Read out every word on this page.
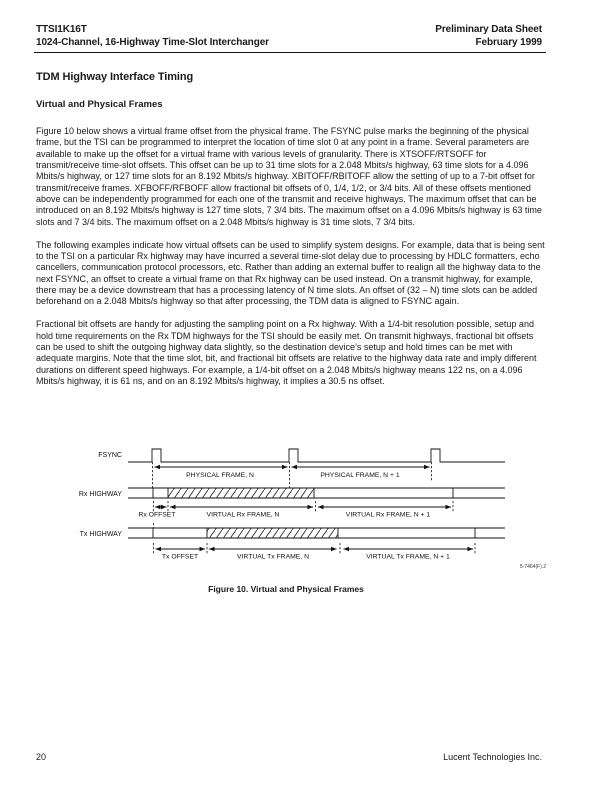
TTSI1K16T
1024-Channel, 16-Highway Time-Slot Interchanger
Preliminary Data Sheet
February 1999
TDM Highway Interface Timing
Virtual and Physical Frames

Figure 10 below shows a virtual frame offset from the physical frame. The FSYNC pulse marks the beginning of the physical frame, but the TSI can be programmed to interpret the location of time slot 0 at any point in a frame. Several parameters are available to make up the offset for a virtual frame with various levels of granularity. There is XTSOFF/RTSOFF for transmit/receive time-slot offsets. This offset can be up to 31 time slots for a 2.048 Mbits/s highway, 63 time slots for a 4.096 Mbits/s highway, or 127 time slots for an 8.192 Mbits/s highway. XBITOFF/RBITOFF allow the setting of up to a 7-bit offset for transmit/receive frames. XFBOFF/RFBOFF allow fractional bit offsets of 0, 1/4, 1/2, or 3/4 bits. All of these offsets mentioned above can be independently programmed for each one of the transmit and receive highways. The maximum offset that can be introduced on an 8.192 Mbits/s highway is 127 time slots, 7 3/4 bits. The maximum offset on a 4.096 Mbits/s highway is 63 time slots and 7 3/4 bits. The maximum offset on a 2.048 Mbits/s highway is 31 time slots, 7 3/4 bits.

The following examples indicate how virtual offsets can be used to simplify system designs. For example, data that is being sent to the TSI on a particular Rx highway may have incurred a several time-slot delay due to processing by HDLC formatters, echo cancellers, communication protocol processors, etc. Rather than adding an external buffer to realign all the highway data to the next FSYNC, an offset to create a virtual frame on that Rx highway can be used instead. On a transmit highway, for example, there may be a device downstream that has a processing latency of N time slots. An offset of (32 – N) time slots can be added beforehand on a 2.048 Mbits/s highway so that after processing, the TDM data is aligned to FSYNC again.

Fractional bit offsets are handy for adjusting the sampling point on a Rx highway. With a 1/4-bit resolution possible, setup and hold time requirements on the Rx TDM highways for the TSI should be easily met. On transmit highways, fractional bit offsets can be used to shift the outgoing highway data slightly, so the destination device’s setup and hold times can be met with adequate margins. Note that the time slot, bit, and fractional bit offsets are relative to the highway data rate and imply different durations on different speed highways. For example, a 1/4-bit offset on a 2.048 Mbits/s highway means 122 ns, on a 4.096 Mbits/s highway, it is 61 ns, and on an 8.192 Mbits/s highway, it implies a 30.5 ns offset.

FSYNC
Rx HIGHWAY
Tx HIGHWAY
PHYSICAL FRAME, N	PHYSICAL FRAME, N + 1
Rx OFFSET	VIRTUAL Rx FRAME, N	VIRTUAL Rx FRAME, N + 1
Tx OFFSET	VIRTUAL Tx FRAME, N	VIRTUAL Tx FRAME, N + 1
5-7464(F).2
Figure 10. Virtual and Physical Frames
20	Lucent Technologies Inc.
